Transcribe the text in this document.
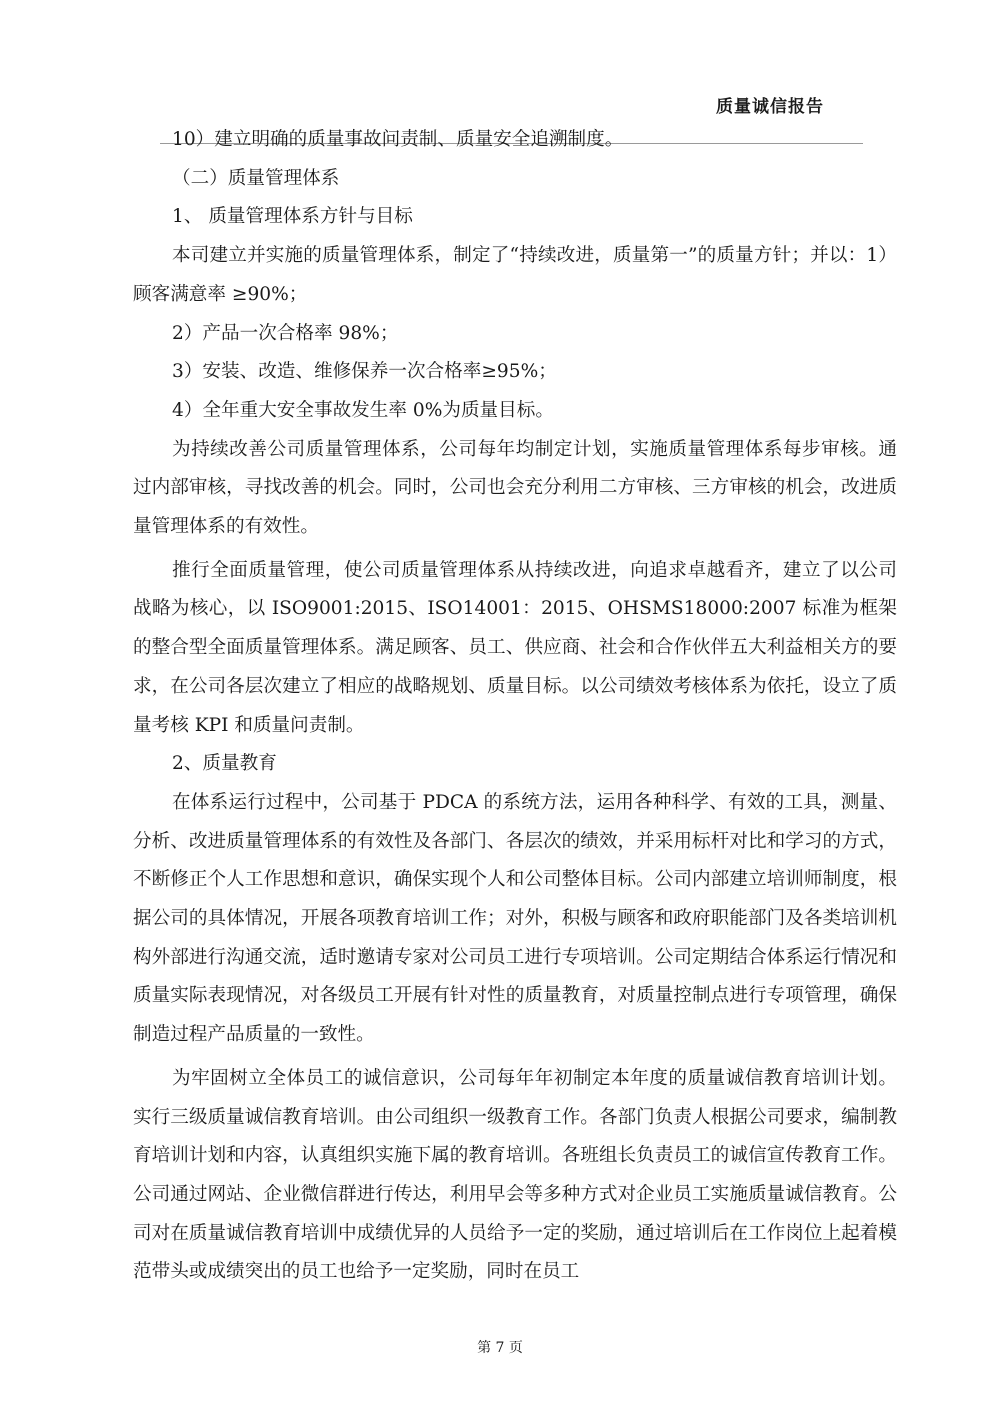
质量诚信报告

10）建立明确的质量事故问责制、质量安全追溯制度。

（二）质量管理体系

1、 质量管理体系方针与目标

本司建立并实施的质量管理体系，制定了“持续改进，质量第一”的质量方针；并以：1）顾客满意率 ≥90%；

2）产品一次合格率 98%；

3）安装、改造、维修保养一次合格率≥95%；

4）全年重大安全事故发生率 0%为质量目标。

为持续改善公司质量管理体系，公司每年均制定计划，实施质量管理体系每步审核。通过内部审核，寻找改善的机会。同时，公司也会充分利用二方审核、三方审核的机会，改进质量管理体系的有效性。

推行全面质量管理，使公司质量管理体系从持续改进，向追求卓越看齐，建立了以公司战略为核心，以 ISO9001:2015、ISO14001：2015、OHSMS18000:2007 标准为框架的整合型全面质量管理体系。满足顾客、员工、供应商、社会和合作伙伴五大利益相关方的要求，在公司各层次建立了相应的战略规划、质量目标。以公司绩效考核体系为依托，设立了质量考核 KPI 和质量问责制。

2、质量教育

在体系运行过程中，公司基于 PDCA 的系统方法，运用各种科学、有效的工具，测量、分析、改进质量管理体系的有效性及各部门、各层次的绩效，并采用标杆对比和学习的方式，不断修正个人工作思想和意识，确保实现个人和公司整体目标。公司内部建立培训师制度，根据公司的具体情况，开展各项教育培训工作；对外，积极与顾客和政府职能部门及各类培训机构外部进行沟通交流，适时邀请专家对公司员工进行专项培训。公司定期结合体系运行情况和质量实际表现情况，对各级员工开展有针对性的质量教育，对质量控制点进行专项管理，确保制造过程产品质量的一致性。

为牢固树立全体员工的诚信意识，公司每年年初制定本年度的质量诚信教育培训计划。实行三级质量诚信教育培训。由公司组织一级教育工作。各部门负责人根据公司要求，编制教育培训计划和内容，认真组织实施下属的教育培训。各班组长负责员工的诚信宣传教育工作。公司通过网站、企业微信群进行传达，利用早会等多种方式对企业员工实施质量诚信教育。公司对在质量诚信教育培训中成绩优异的人员给予一定的奖励，通过培训后在工作岗位上起着模范带头或成绩突出的员工也给予一定奖励，同时在员工

第 7 页
